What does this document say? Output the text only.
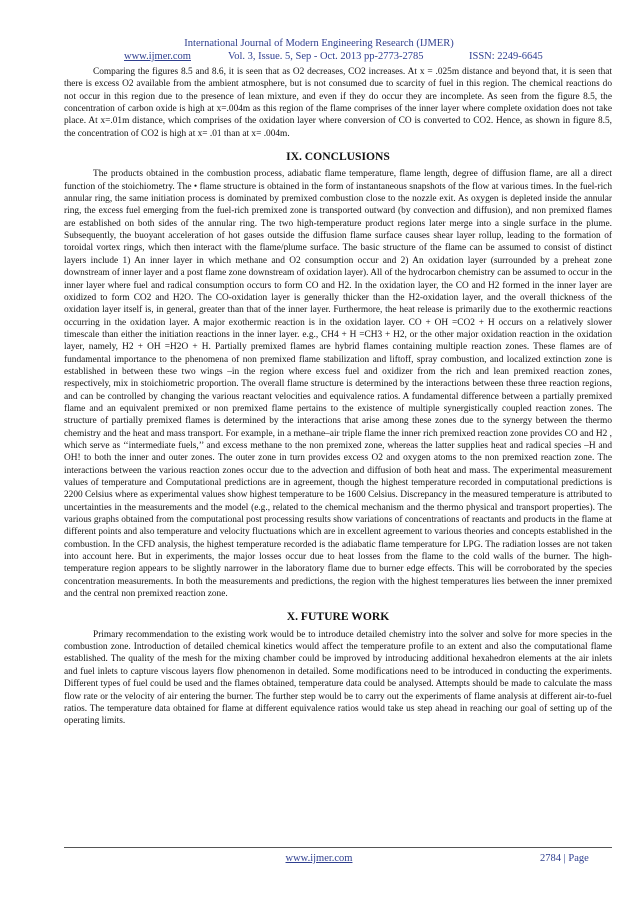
International Journal of Modern Engineering Research (IJMER)
www.ijmer.com	Vol. 3, Issue. 5, Sep - Oct. 2013 pp-2773-2785	ISSN: 2249-6645

Comparing the figures 8.5 and 8.6, it is seen that as O2 decreases, CO2 increases. At x = .025m distance and beyond that, it is seen that there is excess O2 available from the ambient atmosphere, but is not consumed due to scarcity of fuel in this region. The chemical reactions do not occur in this region due to the presence of lean mixture, and even if they do occur they are incomplete. As seen from the figure 8.5, the concentration of carbon oxide is high at x=.004m as this region of the flame comprises of the inner layer where complete oxidation does not take place. At x=.01m distance, which comprises of the oxidation layer where conversion of CO is converted to CO2. Hence, as shown in figure 8.5, the concentration of CO2 is high at x= .01 than at x= .004m.

IX. CONCLUSIONS

The products obtained in the combustion process, adiabatic flame temperature, flame length, degree of diffusion flame, are all a direct function of the stoichiometry. The • flame structure is obtained in the form of instantaneous snapshots of the flow at various times. In the fuel-rich annular ring, the same initiation process is dominated by premixed combustion close to the nozzle exit. As oxygen is depleted inside the annular ring, the excess fuel emerging from the fuel-rich premixed zone is transported outward (by convection and diffusion), and non premixed flames are established on both sides of the annular ring. The two high-temperature product regions later merge into a single surface in the plume. Subsequently, the buoyant acceleration of hot gases outside the diffusion flame surface causes shear layer rollup, leading to the formation of toroidal vortex rings, which then interact with the flame/plume surface. The basic structure of the flame can be assumed to consist of distinct layers include 1) An inner layer in which methane and O2 consumption occur and 2) An oxidation layer (surrounded by a preheat zone downstream of inner layer and a post flame zone downstream of oxidation layer). All of the hydrocarbon chemistry can be assumed to occur in the inner layer where fuel and radical consumption occurs to form CO and H2. In the oxidation layer, the CO and H2 formed in the inner layer are oxidized to form CO2 and H2O. The CO-oxidation layer is generally thicker than the H2-oxidation layer, and the overall thickness of the oxidation layer itself is, in general, greater than that of the inner layer. Furthermore, the heat release is primarily due to the exothermic reactions occurring in the oxidation layer. A major exothermic reaction is in the oxidation layer. CO + OH =CO2 + H occurs on a relatively slower timescale than either the initiation reactions in the inner layer. e.g., CH4 + H =CH3 + H2, or the other major oxidation reaction in the oxidation layer, namely, H2 + OH =H2O + H. Partially premixed flames are hybrid flames containing multiple reaction zones. These flames are of fundamental importance to the phenomena of non premixed flame stabilization and liftoff, spray combustion, and localized extinction zone is established in between these two wings –in the region where excess fuel and oxidizer from the rich and lean premixed reaction zones, respectively, mix in stoichiometric proportion. The overall flame structure is determined by the interactions between these three reaction regions, and can be controlled by changing the various reactant velocities and equivalence ratios. A fundamental difference between a partially premixed flame and an equivalent premixed or non premixed flame pertains to the existence of multiple synergistically coupled reaction zones. The structure of partially premixed flames is determined by the interactions that arise among these zones due to the synergy between the thermo chemistry and the heat and mass transport. For example, in a methane–air triple flame the inner rich premixed reaction zone provides CO and H2 , which serve as ‘‘intermediate fuels,’’ and excess methane to the non premixed zone, whereas the latter supplies heat and radical species –H and OH! to both the inner and outer zones. The outer zone in turn provides excess O2 and oxygen atoms to the non premixed reaction zone. The interactions between the various reaction zones occur due to the advection and diffusion of both heat and mass. The experimental measurement values of temperature and Computational predictions are in agreement, though the highest temperature recorded in computational predictions is 2200 Celsius where as experimental values show highest temperature to be 1600 Celsius. Discrepancy in the measured temperature is attributed to uncertainties in the measurements and the model (e.g., related to the chemical mechanism and the thermo physical and transport properties). The various graphs obtained from the computational post processing results show variations of concentrations of reactants and products in the flame at different points and also temperature and velocity fluctuations which are in excellent agreement to various theories and concepts established in the combustion. In the CFD analysis, the highest temperature recorded is the adiabatic flame temperature for LPG. The radiation losses are not taken into account here. But in experiments, the major losses occur due to heat losses from the flame to the cold walls of the burner. The high-temperature region appears to be slightly narrower in the laboratory flame due to burner edge effects. This will be corroborated by the species concentration measurements. In both the measurements and predictions, the region with the highest temperatures lies between the inner premixed and the central non premixed reaction zone.

X. FUTURE WORK

Primary recommendation to the existing work would be to introduce detailed chemistry into the solver and solve for more species in the combustion zone. Introduction of detailed chemical kinetics would affect the temperature profile to an extent and also the computational flame established. The quality of the mesh for the mixing chamber could be improved by introducing additional hexahedron elements at the air inlets and fuel inlets to capture viscous layers flow phenomenon in detailed. Some modifications need to be introduced in conducting the experiments. Different types of fuel could be used and the flames obtained, temperature data could be analysed. Attempts should be made to calculate the mass flow rate or the velocity of air entering the burner. The further step would be to carry out the experiments of flame analysis at different air-to-fuel ratios. The temperature data obtained for flame at different equivalence ratios would take us step ahead in reaching our goal of setting up of the operating limits.

www.ijmer.com	2784 | Page
